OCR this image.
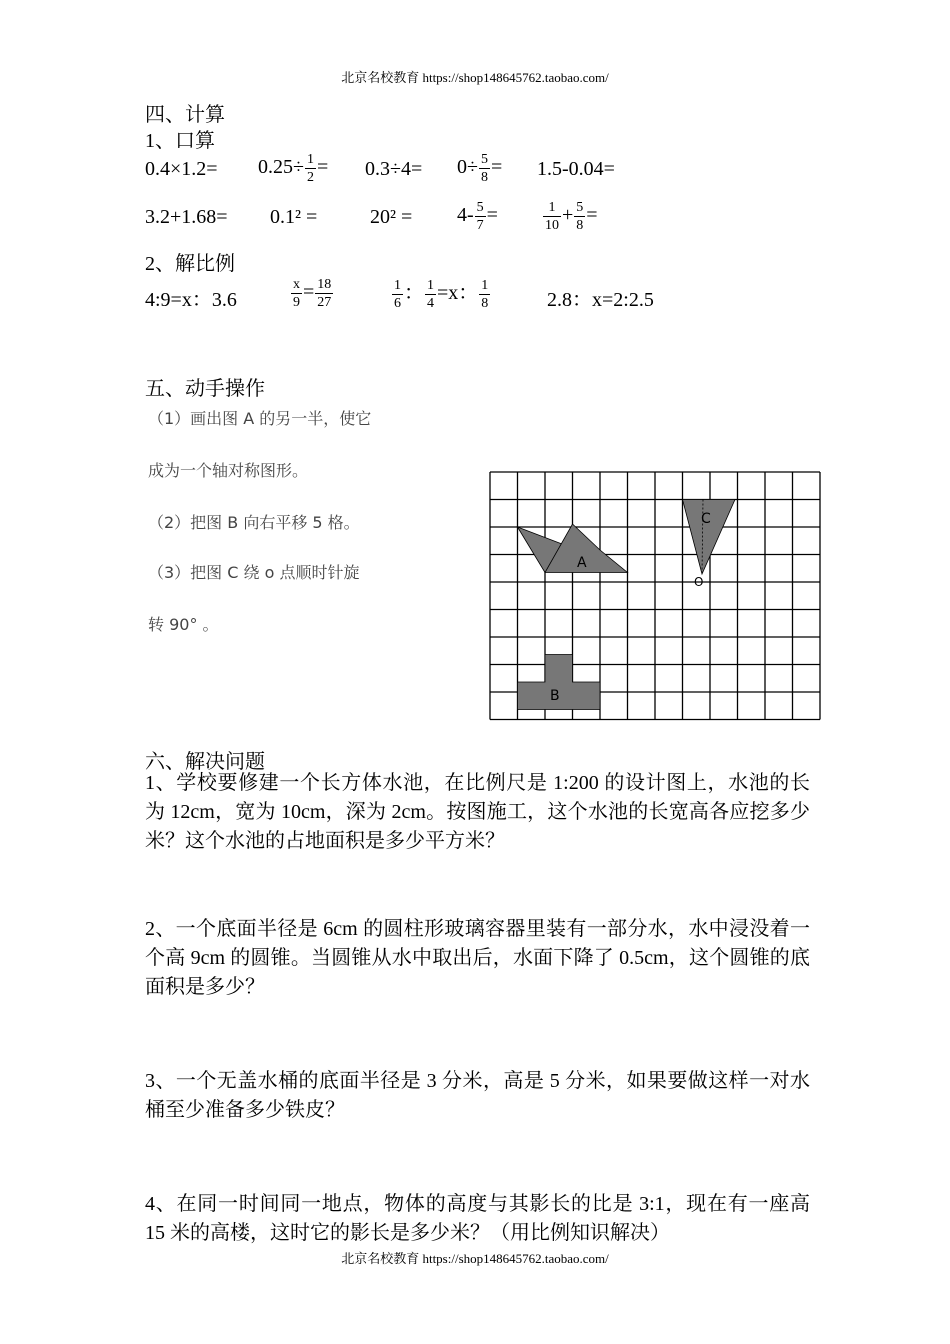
北京名校教育 https://shop148645762.taobao.com/
四、计算
1、口算
$0.4\times 1.2= 0.25\div \frac{1}{2} = 0.3\div 4= 0\div \frac{5}{8} = 1.5-0.04=$
3.2+1.68= 0.1² =	$20^2 = 4- \frac{5}{7}$ =	$\frac{1}{10} + \frac{5}{8}$ =
2、解比例
4:9=x：3.6	$\frac{x}{9} = \frac{18}{27}$	$\frac{1}{6}$ ： $\frac{1}{4} =x$： $\frac{1}{8}$	2.8：x=2:2.5
五、动手操作
（1）画出图 A 的另一半，使它
成为一个轴对称图形。
（2）把图 B 向右平移 5 格。
（3）把图 C 绕 o 点顺时针旋
转 90° 。
A
C
O
B
六、解决问题
1、学校要修建一个长方体水池，在比例尺是 1:200 的设计图上，水池的长为 12cm，宽为 10cm，深为 2cm。按图施工，这个水池的长宽高各应挖多少米？这个水池的占地面积是多少平方米？
2、一个底面半径是 6cm 的圆柱形玻璃容器里装有一部分水，水中浸没着一个高 9cm 的圆锥。当圆锥从水中取出后，水面下降了 0.5cm，这个圆锥的底面积是多少？
3、一个无盖水桶的底面半径是 3 分米，高是 5 分米，如果要做这样一对水桶至少准备多少铁皮？
4、在同一时间同一地点，物体的高度与其影长的比是 3:1，现在有一座高 15 米的高楼，这时它的影长是多少米？（用比例知识解决）
北京名校教育 https://shop148645762.taobao.com/
